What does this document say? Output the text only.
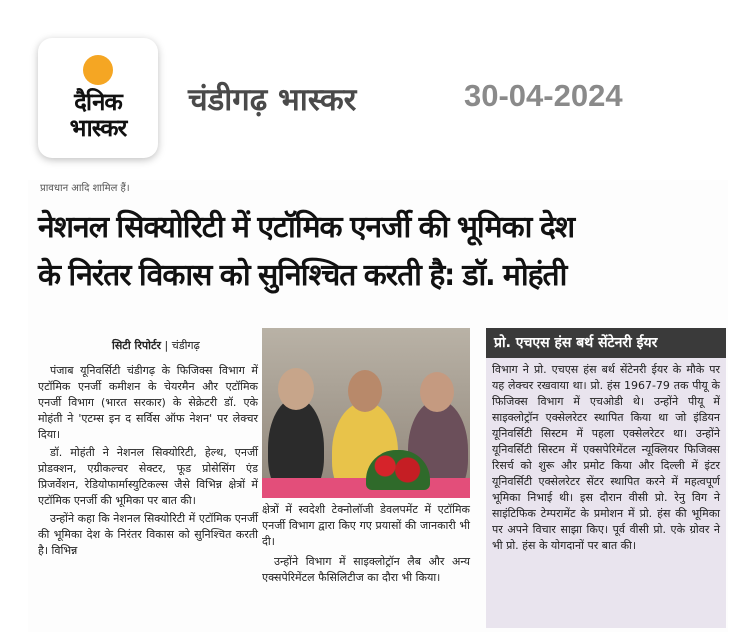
दैनिक
भास्कर
चंडीगढ़ भास्कर	30-04-2024
प्रावधान आदि शामिल हैं।
नेशनल सिक्योरिटी में एटॉमिक एनर्जी की भूमिका देश
के निरंतर विकास को सुनिश्चित करती है: डॉ. मोहंती
सिटी रिपोर्टर | चंडीगढ़

पंजाब यूनिवर्सिटी चंडीगढ़ के फिजिक्स विभाग में एटॉमिक एनर्जी कमीशन के चेयरमैन और एटॉमिक एनर्जी विभाग (भारत सरकार) के सेक्रेटरी डॉ. एके मोहंती ने 'एटम्स इन द सर्विस ऑफ नेशन' पर लेक्चर दिया।

डॉ. मोहंती ने नेशनल सिक्योरिटी, हेल्थ, एनर्जी प्रोडक्शन, एग्रीकल्चर सेक्टर, फूड प्रोसेसिंग एंड प्रिजर्वेशन, रेडियोफार्मास्युटिकल्स जैसे विभिन्न क्षेत्रों में एटॉमिक एनर्जी की भूमिका पर बात की।

उन्होंने कहा कि नेशनल सिक्योरिटी में एटॉमिक एनर्जी की भूमिका देश के निरंतर विकास को सुनिश्चित करती है। विभिन्न

क्षेत्रों में स्वदेशी टेक्नोलॉजी डेवलपमेंट में एटॉमिक एनर्जी विभाग द्वारा किए गए प्रयासों की जानकारी भी दी।

उन्होंने विभाग में साइक्लोट्रॉन लैब और अन्य एक्सपेरिमेंटल फैसिलिटीज का दौरा भी किया।

प्रो. एचएस हंस बर्थ सेंटेनरी ईयर
विभाग ने प्रो. एचएस हंस बर्थ सेंटेनरी ईयर के मौके पर यह लेक्चर रखवाया था। प्रो. हंस 1967-79 तक पीयू के फिजिक्स विभाग में एचओडी थे। उन्होंने पीयू में साइक्लोट्रॉन एक्सेलरेटर स्थापित किया था जो इंडियन यूनिवर्सिटी सिस्टम में पहला एक्सेलरेटर था। उन्होंने यूनिवर्सिटी सिस्टम में एक्सपेरिमेंटल न्यूक्लियर फिजिक्स रिसर्च को शुरू और प्रमोट किया और दिल्ली में इंटर यूनिवर्सिटी एक्सेलरेटर सेंटर स्थापित करने में महत्वपूर्ण भूमिका निभाई थी। इस दौरान वीसी प्रो. रेनु विग ने साइंटिफिक टेम्परामेंट के प्रमोशन में प्रो. हंस की भूमिका पर अपने विचार साझा किए। पूर्व वीसी प्रो. एके ग्रोवर ने भी प्रो. हंस के योगदानों पर बात की।
